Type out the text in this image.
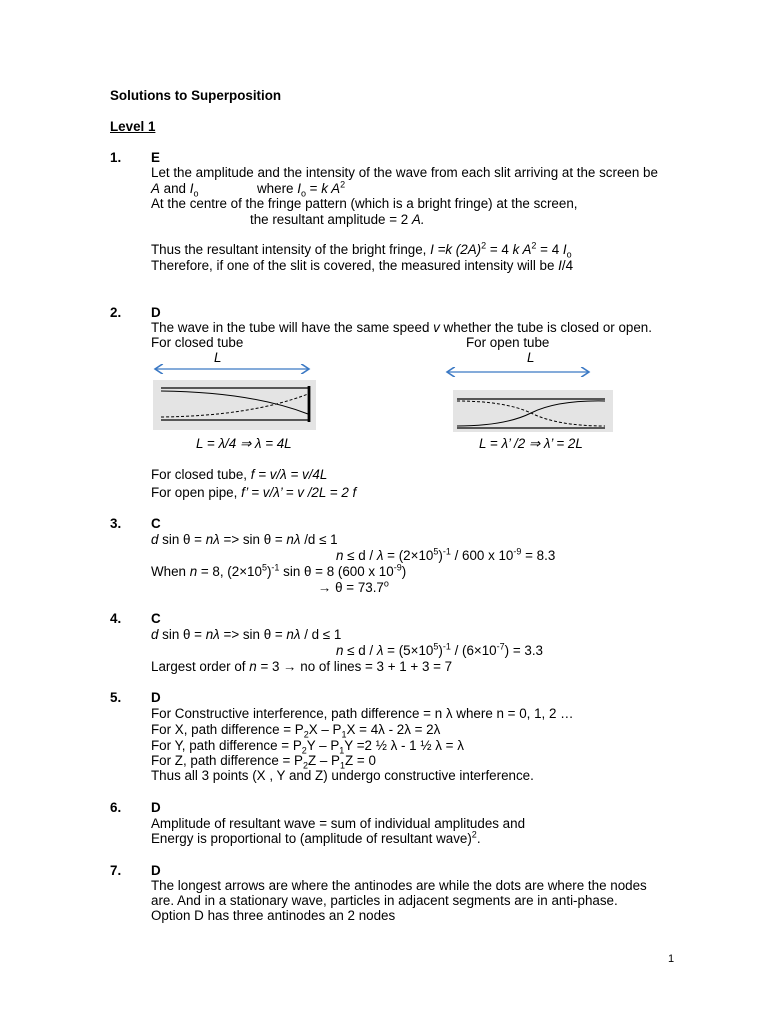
Solutions to Superposition
Level 1
1. E
Let the amplitude and the intensity of the wave from each slit arriving at the screen be
A and $I_o$	where $I_o = k$ $A^2$
At the centre of the fringe pattern (which is a bright fringe) at the screen,
the resultant amplitude = 2 A.
Thus the resultant intensity of the bright fringe, I =k $(2A)^2 = 4$ k $A^2 = 4$ $I_o$
Therefore, if one of the slit is covered, the measured intensity will be I/4
2. D
The wave in the tube will have the same speed v whether the tube is closed or open.
For closed tube	For open tube
L	L
L = λ/4 ⇒ λ = 4L	L = λ’ /2 ⇒ λ’ = 2L
For closed tube, f = v/λ = v/4L
For open pipe, f’ = v/λ’ = v /2L = 2 f
3. C
d sin θ = nλ => sin θ = nλ /d ≤ 1
$n \le d / \lambda = (2\times 10^5)^{-1} / 600$ x $10^{-9} = 8.3$
When n = 8, $(2\times 10^5)^{-1}$ sin θ = 8 (600 x $10^{-9}$)
→ $\theta = 73.7^o$
4. C
d sin θ = nλ => sin θ = nλ / d ≤ 1
$n \le d / \lambda = (5\times 10^5)^{-1} / (6\times 10^{-7}) = 3.3$
Largest order of n = 3 → no of lines = 3 + 1 + 3 = 7
5. D
For Constructive interference, path difference = n λ where n = 0, 1, 2 …
For X, path difference = $P_2X - P_1X = 4\lambda - 2\lambda = 2\lambda$
For Y, path difference = $P_2Y - P_1Y =2$ ½ λ - 1 ½ λ = λ
For Z, path difference = $P_2Z - P_1Z = 0$
Thus all 3 points (X , Y and Z) undergo constructive interference.
6. D
Amplitude of resultant wave = sum of individual amplitudes and
Energy is proportional to (amplitude of resultant wave)$^2$.
7. D
The longest arrows are where the antinodes are while the dots are where the nodes
are. And in a stationary wave, particles in adjacent segments are in anti-phase.
Option D has three antinodes an 2 nodes
1
